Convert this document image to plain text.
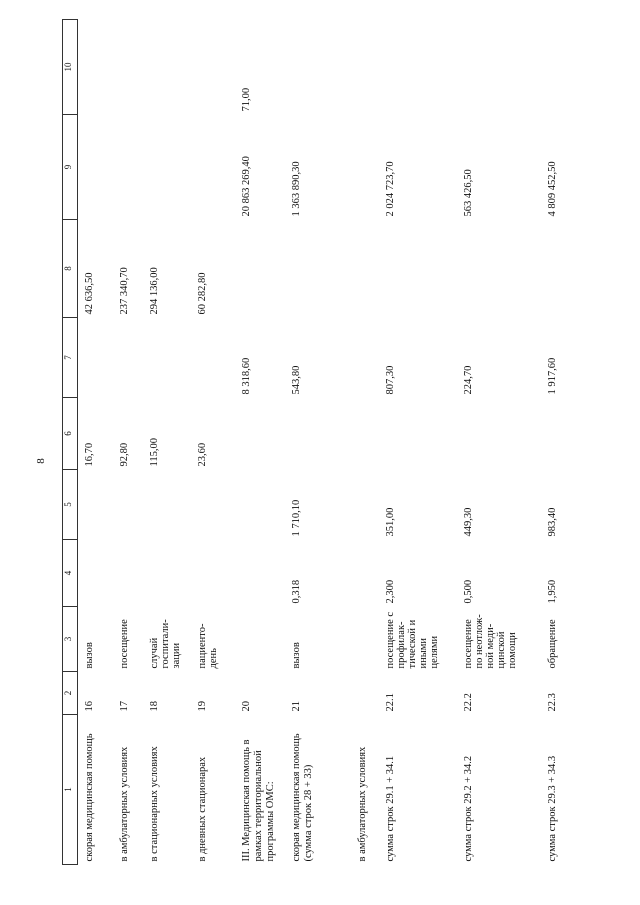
8
1	2	3	4	5	6	7	8	9	10
скорая медицинская помощь	16	вызов			16,70		42 636,50		
в амбулаторных условиях	17	посещение			92,80		237 340,70		
в стационарных условиях	18	случай госпитали-зации			115,00		294 136,00		
в дневных стационарах	19	пациенто-день			23,60		60 282,80		
III. Медицинская помощь в рамках территориальной программы ОМС:	20					8 318,60		20 863 269,40	71,00
скорая медицинская помощь (сумма строк 28 + 33)	21	вызов	0,318	1 710,10		543,80		1 363 890,30	
в амбулаторных условиях									
сумма строк 29.1 + 34.1	22.1	посещение с профилак-тической и иными целями	2,300	351,00		807,30		2 024 723,70	
сумма строк 29.2 + 34.2	22.2	посещение по неотлож-ной меди-цинской помощи	0,500	449,30		224,70		563 426,50	
сумма строк 29.3 + 34.3	22.3	обращение	1,950	983,40		1 917,60		4 809 452,50	
